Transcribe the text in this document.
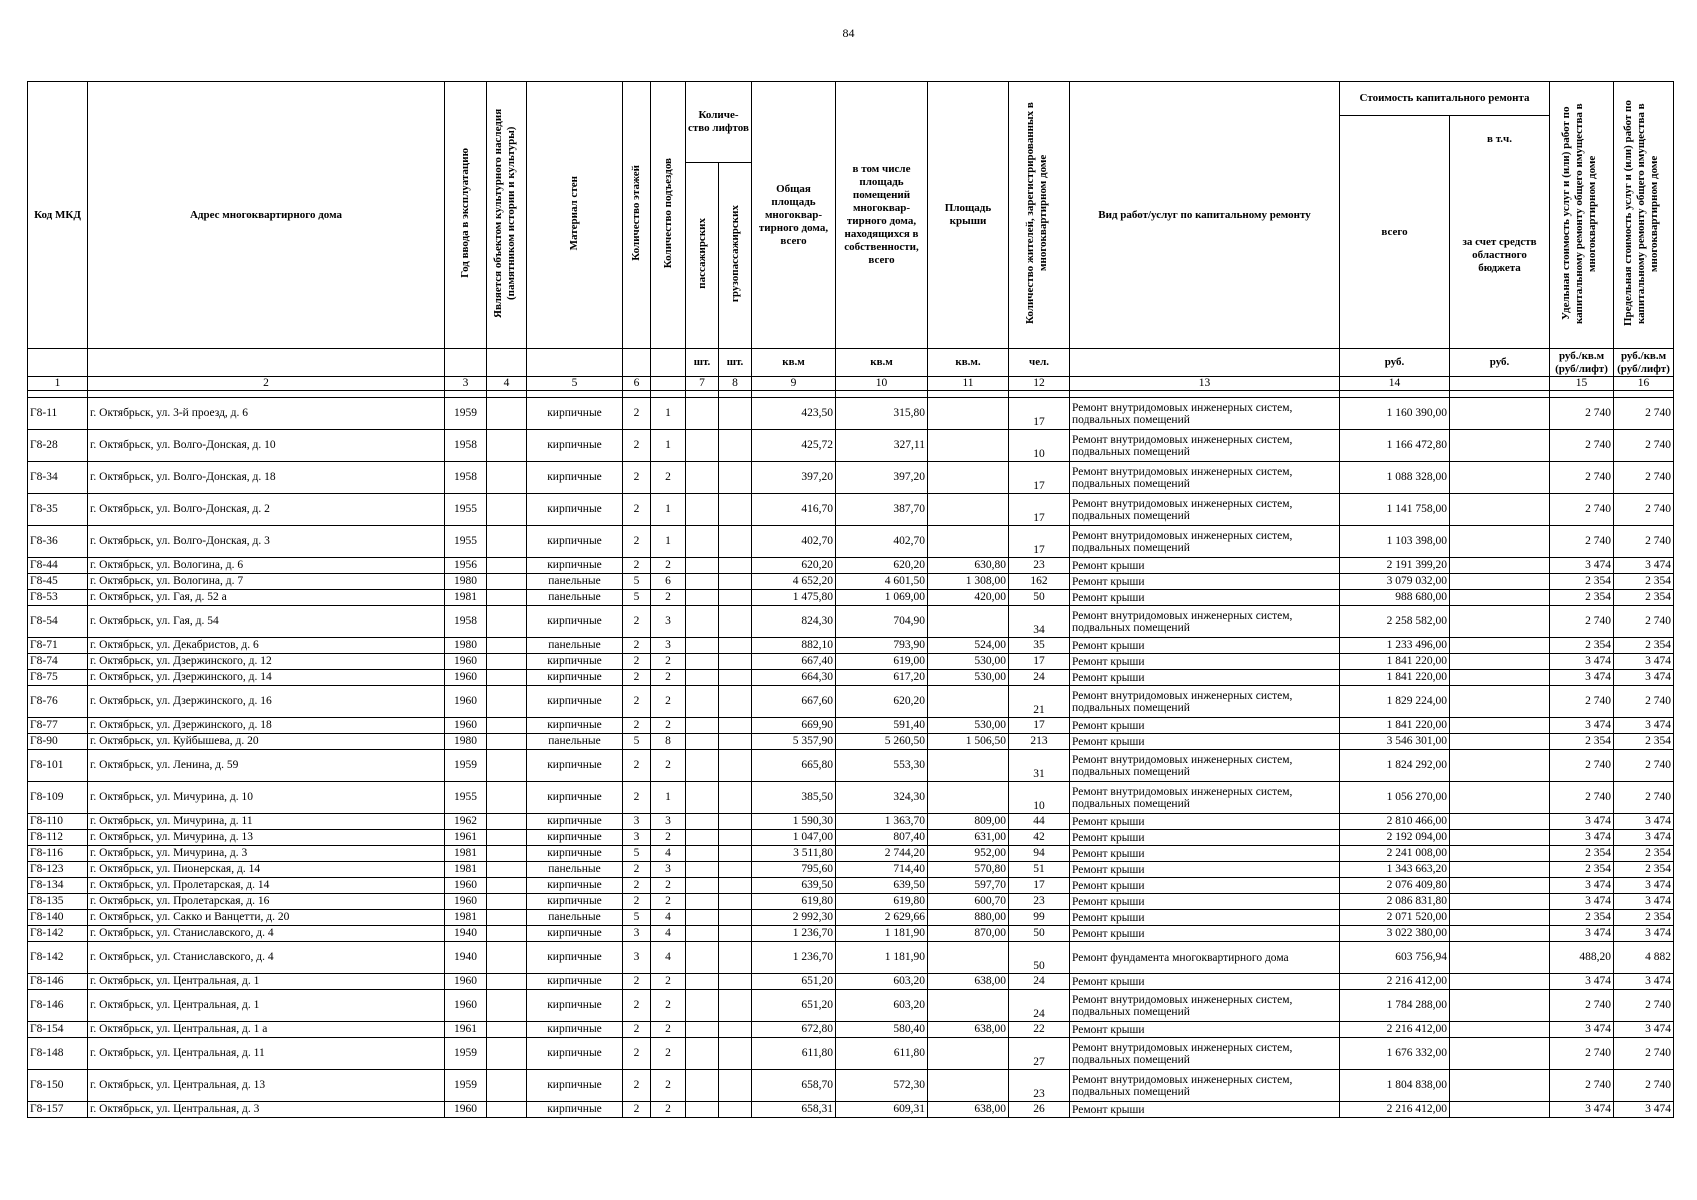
84
Код МКД	Адрес многоквартирного дома	Год ввода в эксплуатацию	Является объектом культурного наследия (памятником истории и культуры)	Материал стен	Количество этажей	Количество подъездов	Количе-ство лифтов		Общая площадь многоквар-тирного дома, всего	в том числе площадь помещений многоквар-тирного дома, находящихся в собственности, всего	Площадь крыши	Количество жителей, зарегистрированных в многоквартирном доме	Вид работ/услуг по капитальному ремонту	Стоимость капитального ремонта		Удельная стоимость услуг и (или) работ по капитальному ремонту общего имущества в многоквартирном доме	Предельная стоимость услуг и (или) работ по капитальному ремонту общего имущества в многоквартирном доме
														всего	в т.ч.		
							пассажирских	грузопассажирских							за счет средств областного бюджета		
							шт.	шт.	кв.м	кв.м	кв.м.	чел.		руб.	руб.	руб./кв.м (руб/лифт)	руб./кв.м (руб/лифт)
1	2	3	4	5	6		7	8	9	10	11	12	13	14		15	16

Г8-11	г. Октябрьск, ул. 3-й проезд, д. 6	1959		кирпичные	2	1			423,50	315,80		17	Ремонт внутридомовых инженерных систем, подвальных помещений	1 160 390,00		2 740	2 740
Г8-28	г. Октябрьск, ул. Волго-Донская, д. 10	1958		кирпичные	2	1			425,72	327,11		10	Ремонт внутридомовых инженерных систем, подвальных помещений	1 166 472,80		2 740	2 740
Г8-34	г. Октябрьск, ул. Волго-Донская, д. 18	1958		кирпичные	2	2			397,20	397,20		17	Ремонт внутридомовых инженерных систем, подвальных помещений	1 088 328,00		2 740	2 740
Г8-35	г. Октябрьск, ул. Волго-Донская, д. 2	1955		кирпичные	2	1			416,70	387,70		17	Ремонт внутридомовых инженерных систем, подвальных помещений	1 141 758,00		2 740	2 740
Г8-36	г. Октябрьск, ул. Волго-Донская, д. 3	1955		кирпичные	2	1			402,70	402,70		17	Ремонт внутридомовых инженерных систем, подвальных помещений	1 103 398,00		2 740	2 740
Г8-44	г. Октябрьск, ул. Вологина, д. 6	1956		кирпичные	2	2			620,20	620,20	630,80	23	Ремонт крыши	2 191 399,20		3 474	3 474
Г8-45	г. Октябрьск, ул. Вологина, д. 7	1980		панельные	5	6			4 652,20	4 601,50	1 308,00	162	Ремонт крыши	3 079 032,00		2 354	2 354
Г8-53	г. Октябрьск, ул. Гая, д. 52 а	1981		панельные	5	2			1 475,80	1 069,00	420,00	50	Ремонт крыши	988 680,00		2 354	2 354
Г8-54	г. Октябрьск, ул. Гая, д. 54	1958		кирпичные	2	3			824,30	704,90		34	Ремонт внутридомовых инженерных систем, подвальных помещений	2 258 582,00		2 740	2 740
Г8-71	г. Октябрьск, ул. Декабристов, д. 6	1980		панельные	2	3			882,10	793,90	524,00	35	Ремонт крыши	1 233 496,00		2 354	2 354
Г8-74	г. Октябрьск, ул. Дзержинского, д. 12	1960		кирпичные	2	2			667,40	619,00	530,00	17	Ремонт крыши	1 841 220,00		3 474	3 474
Г8-75	г. Октябрьск, ул. Дзержинского, д. 14	1960		кирпичные	2	2			664,30	617,20	530,00	24	Ремонт крыши	1 841 220,00		3 474	3 474
Г8-76	г. Октябрьск, ул. Дзержинского, д. 16	1960		кирпичные	2	2			667,60	620,20		21	Ремонт внутридомовых инженерных систем, подвальных помещений	1 829 224,00		2 740	2 740
Г8-77	г. Октябрьск, ул. Дзержинского, д. 18	1960		кирпичные	2	2			669,90	591,40	530,00	17	Ремонт крыши	1 841 220,00		3 474	3 474
Г8-90	г. Октябрьск, ул. Куйбышева, д. 20	1980		панельные	5	8			5 357,90	5 260,50	1 506,50	213	Ремонт крыши	3 546 301,00		2 354	2 354
Г8-101	г. Октябрьск, ул. Ленина, д. 59	1959		кирпичные	2	2			665,80	553,30		31	Ремонт внутридомовых инженерных систем, подвальных помещений	1 824 292,00		2 740	2 740
Г8-109	г. Октябрьск, ул. Мичурина, д. 10	1955		кирпичные	2	1			385,50	324,30		10	Ремонт внутридомовых инженерных систем, подвальных помещений	1 056 270,00		2 740	2 740
Г8-110	г. Октябрьск, ул. Мичурина, д. 11	1962		кирпичные	3	3			1 590,30	1 363,70	809,00	44	Ремонт крыши	2 810 466,00		3 474	3 474
Г8-112	г. Октябрьск, ул. Мичурина, д. 13	1961		кирпичные	3	2			1 047,00	807,40	631,00	42	Ремонт крыши	2 192 094,00		3 474	3 474
Г8-116	г. Октябрьск, ул. Мичурина, д. 3	1981		кирпичные	5	4			3 511,80	2 744,20	952,00	94	Ремонт крыши	2 241 008,00		2 354	2 354
Г8-123	г. Октябрьск, ул. Пионерская, д. 14	1981		панельные	2	3			795,60	714,40	570,80	51	Ремонт крыши	1 343 663,20		2 354	2 354
Г8-134	г. Октябрьск, ул. Пролетарская, д. 14	1960		кирпичные	2	2			639,50	639,50	597,70	17	Ремонт крыши	2 076 409,80		3 474	3 474
Г8-135	г. Октябрьск, ул. Пролетарская, д. 16	1960		кирпичные	2	2			619,80	619,80	600,70	23	Ремонт крыши	2 086 831,80		3 474	3 474
Г8-140	г. Октябрьск, ул. Сакко и Ванцетти, д. 20	1981		панельные	5	4			2 992,30	2 629,66	880,00	99	Ремонт крыши	2 071 520,00		2 354	2 354
Г8-142	г. Октябрьск, ул. Станиславского, д. 4	1940		кирпичные	3	4			1 236,70	1 181,90	870,00	50	Ремонт крыши	3 022 380,00		3 474	3 474
Г8-142	г. Октябрьск, ул. Станиславского, д. 4	1940		кирпичные	3	4			1 236,70	1 181,90		50	Ремонт фундамента многоквартирного дома	603 756,94		488,20	4 882
Г8-146	г. Октябрьск, ул. Центральная, д. 1	1960		кирпичные	2	2			651,20	603,20	638,00	24	Ремонт крыши	2 216 412,00		3 474	3 474
Г8-146	г. Октябрьск, ул. Центральная, д. 1	1960		кирпичные	2	2			651,20	603,20		24	Ремонт внутридомовых инженерных систем, подвальных помещений	1 784 288,00		2 740	2 740
Г8-154	г. Октябрьск, ул. Центральная, д. 1 а	1961		кирпичные	2	2			672,80	580,40	638,00	22	Ремонт крыши	2 216 412,00		3 474	3 474
Г8-148	г. Октябрьск, ул. Центральная, д. 11	1959		кирпичные	2	2			611,80	611,80		27	Ремонт внутридомовых инженерных систем, подвальных помещений	1 676 332,00		2 740	2 740
Г8-150	г. Октябрьск, ул. Центральная, д. 13	1959		кирпичные	2	2			658,70	572,30		23	Ремонт внутридомовых инженерных систем, подвальных помещений	1 804 838,00		2 740	2 740
Г8-157	г. Октябрьск, ул. Центральная, д. 3	1960		кирпичные	2	2			658,31	609,31	638,00	26	Ремонт крыши	2 216 412,00		3 474	3 474
